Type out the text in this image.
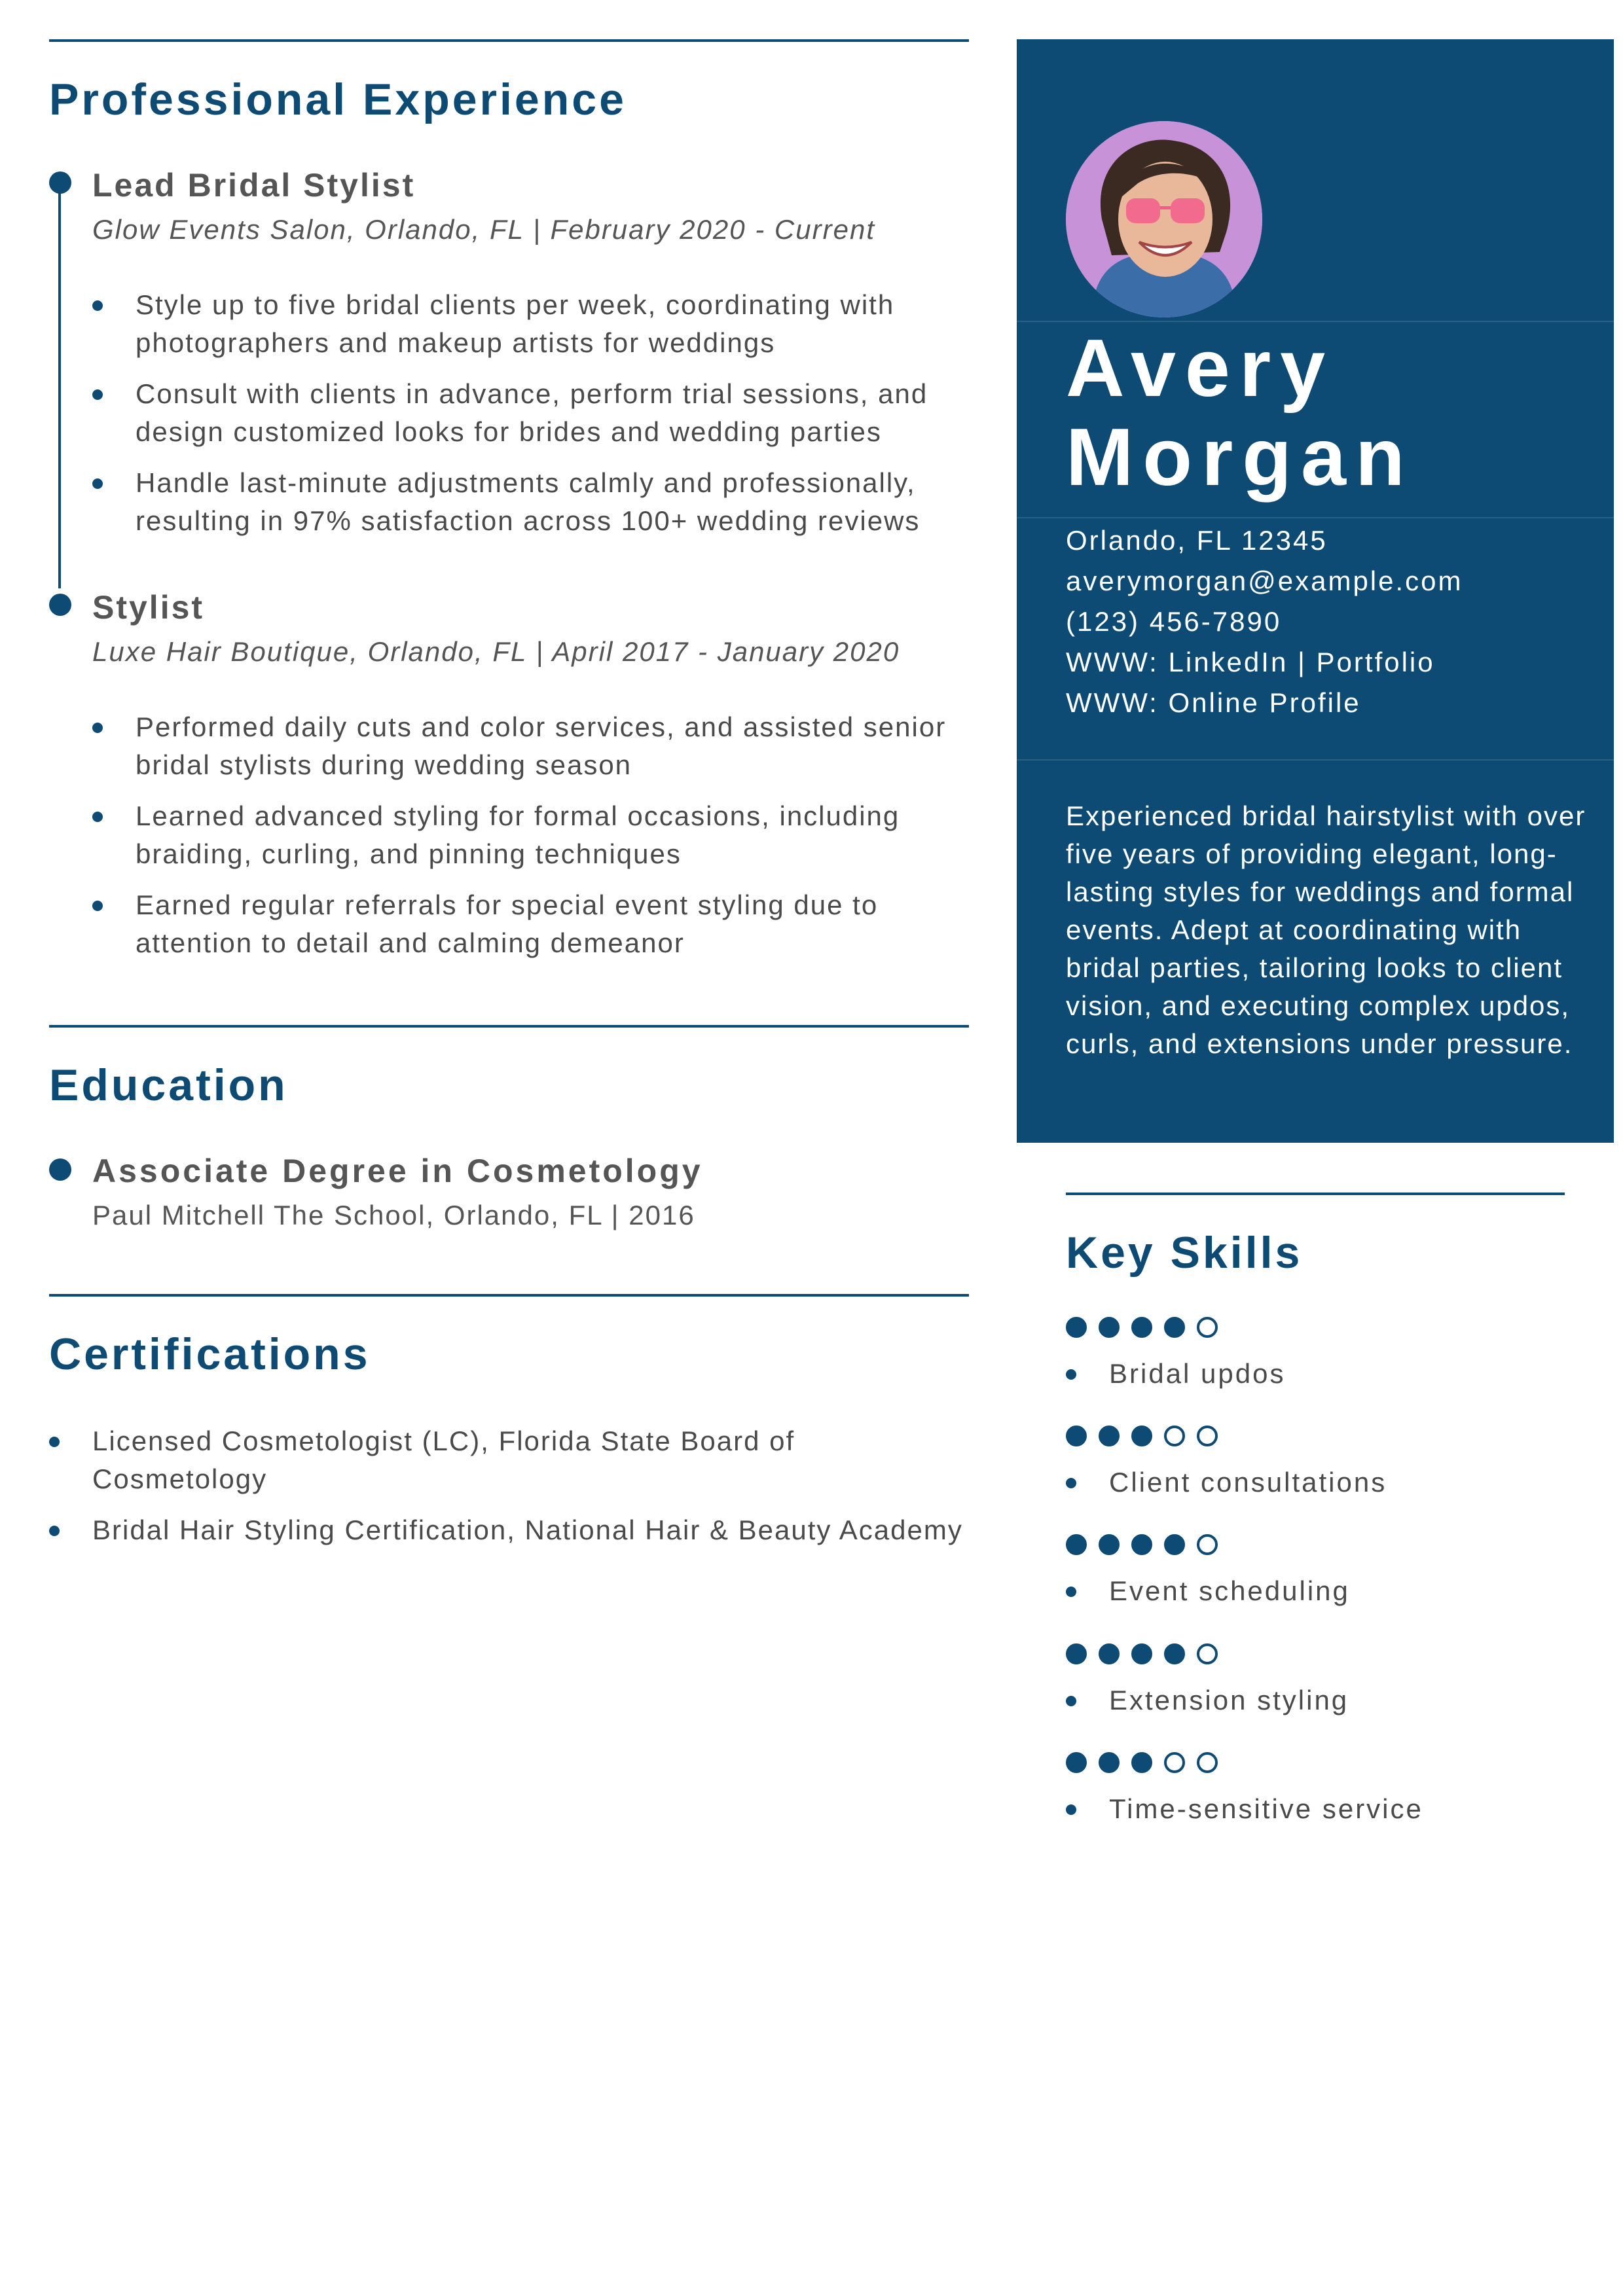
Professional Experience
Lead Bridal Stylist
Glow Events Salon, Orlando, FL | February 2020 - Current
Style up to five bridal clients per week, coordinating with photographers and makeup artists for weddings
Consult with clients in advance, perform trial sessions, and design customized looks for brides and wedding parties
Handle last-minute adjustments calmly and professionally, resulting in 97% satisfaction across 100+ wedding reviews
Stylist
Luxe Hair Boutique, Orlando, FL | April 2017 - January 2020
Performed daily cuts and color services, and assisted senior bridal stylists during wedding season
Learned advanced styling for formal occasions, including braiding, curling, and pinning techniques
Earned regular referrals for special event styling due to attention to detail and calming demeanor
Education
Associate Degree in Cosmetology
Paul Mitchell The School, Orlando, FL | 2016
Certifications
Licensed Cosmetologist (LC), Florida State Board of Cosmetology
Bridal Hair Styling Certification, National Hair & Beauty Academy
Avery
Morgan
Orlando, FL 12345
averymorgan@example.com
(123) 456-7890
WWW: LinkedIn | Portfolio
WWW: Online Profile
Experienced bridal hairstylist with over five years of providing elegant, long-lasting styles for weddings and formal events. Adept at coordinating with bridal parties, tailoring looks to client vision, and executing complex updos, curls, and extensions under pressure.
Key Skills
Bridal updos
Client consultations
Event scheduling
Extension styling
Time-sensitive service
